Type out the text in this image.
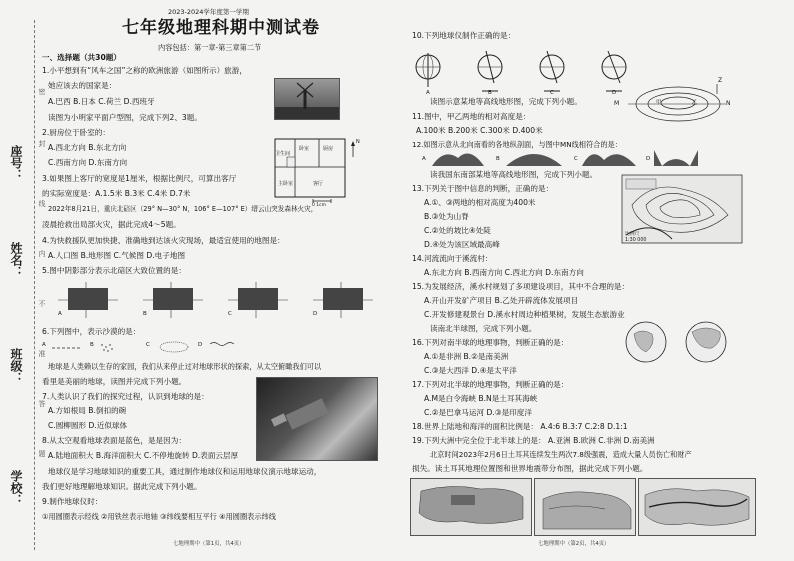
座号：
姓名：
班级：
学校：
密
封
线
内
不
准
答
题
2023-2024学年度第一学期
七年级地理科期中测试卷
内容包括：第一章-第三章第二节
一、选择题（共30题）
1.小平想到有“风车之国”之称的欧洲旅游（如图所示）旅游，
她应该去的国家是：
A.巴西 B.日本 C.荷兰 D.西班牙
读图为小明家平面户型图，完成下列2、3题。
2.厨房位于卧室的：
A.西北方向 B.东北方向
C.西南方向 D.东南方向
3.如果图上客厅的宽度是1厘米，根据比例尺，可算出客厅
的实际宽度是：A.1.5米 B.3米 C.4米 D.7米
2022年8月21日，重庆北碚区（29° N—30° N，106° E—107° E）缙云山突发森林火灾，
凌晨抢救出局部火灾，据此完成4～5题。
4.为快救援队更加快捷、准确地到达该火灾现场，最适宜使用的地图是：
A.人口图 B.地形图 C.气候图 D.电子地图
5.图中阴影部分表示北碚区大致位置的是：
6.下列图中，表示沙漠的是：
地球是人类赖以生存的家园，我们从来停止过对地球形状的探索，从太空俯瞰我们可以
看里是美丽的地球，读图并完成下列小题。
7.人类认识了我们的探究过程，认识到地球的是：
A.方如根局 B.倒扣的碗
C.圆柳圆形 D.近似球体
8.从太空观看地球表面是蓝色，是是因为：
A.陆地面积大 B.海洋面积大 C.不停地旋转 D.表面云层厚
地球仪是学习地球知识的重要工具，通过制作地球仪和运用地球仪演示地球运动，
我们更好地理解地球知识。据此完成下列小题。
9.制作地球仪时：
①用圆圈表示经线 ②用铁丝表示地轴 ③纬线要相互平行 ④用圆圈表示纬线
七地理期中（第1页，共4页）
卫生间
卧室	厨房
主卧室	客厅
N
0 1cm
A	B	C	D
A	B	C	D
10.下列地球仪制作正确的是：
A	B	C	D
M	N
甲	乙
Z
读图示意某地等高线地形图，完成下列小题。
11.图中，甲乙两地的相对高度是：
A.100米 B.200米 C.300米 D.400米
12.如图示意从北向南看的各地纵剖面，与图中MN线相符合的是：
A	B	C	D
读我国东南部某地等高线地形图，完成下列小题。
13.下列关于图中信息的判断，正确的是：
A.①、③两地的相对高度为400米
B.③处为山脊
C.②处的坡比④处陡
D.④处为该区域最高峰
比例尺
1:30 000
14.河流流向于溪流村：
A.东北方向 B.西南方向 C.西北方向 D.东南方向
15.为发展经济，溪水村规划了多项建设项目，其中不合理的是：
A.开山开发矿产项目 B.乙处开辟流体发展项目
C.开发修建观景台 D.溪水村周边种植果树，发展生态旅游业
读南北半球图，完成下列小题。
16.下列对南半球的地理事物，判断正确的是：
A.①是非洲 B.②是南美洲
C.③是大西洋 D.④是太平洋
17.下列对北半球的地理事物，判断正确的是：
A.M是白令海峡 B.N是土耳其海峡
C.②是巴拿马运河 D.③是印度洋
18.世界上陆地和海洋的面积比例是： A.4:6 B.3:7 C.2:8 D.1:1
19.下列大洲中完全位于北半球上的是： A.亚洲 B.欧洲 C.非洲 D.南美洲
北京时间2023年2月6日土耳其连续发生两次7.8级强震，造成大量人员伤亡和财产
损失。读土耳其地理位置图和世界地震带分布图，据此完成下列小题。
七地理期中（第2页，共4页）
